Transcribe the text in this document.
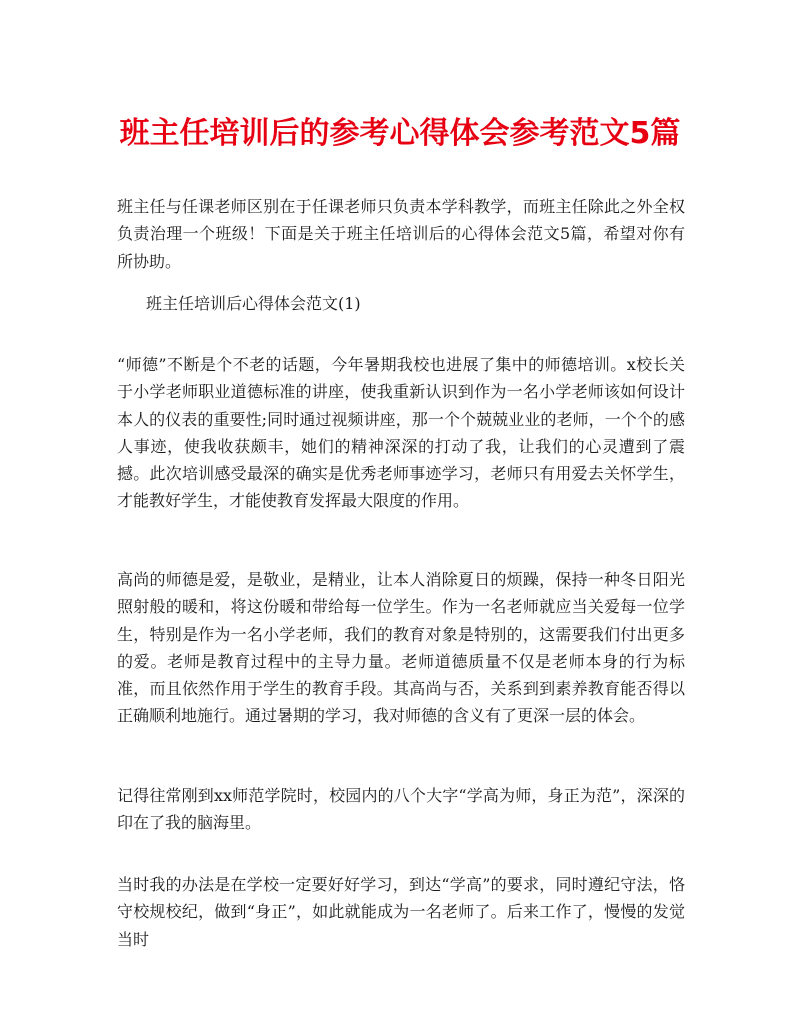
班主任培训后的参考心得体会参考范文5篇

班主任与任课老师区别在于任课老师只负责本学科教学，而班主任除此之外全权负责治理一个班级！下面是关于班主任培训后的心得体会范文5篇，希望对你有所协助。

班主任培训后心得体会范文(1)

“师德”不断是个不老的话题，今年暑期我校也进展了集中的师德培训。x校长关于小学老师职业道德标准的讲座，使我重新认识到作为一名小学老师该如何设计本人的仪表的重要性;同时通过视频讲座，那一个个兢兢业业的老师，一个个的感人事迹，使我收获颇丰，她们的精神深深的打动了我，让我们的心灵遭到了震撼。此次培训感受最深的确实是优秀老师事迹学习，老师只有用爱去关怀学生，才能教好学生，才能使教育发挥最大限度的作用。

高尚的师德是爱，是敬业，是精业，让本人消除夏日的烦躁，保持一种冬日阳光照射般的暖和，将这份暖和带给每一位学生。作为一名老师就应当关爱每一位学生，特别是作为一名小学老师，我们的教育对象是特别的，这需要我们付出更多的爱。老师是教育过程中的主导力量。老师道德质量不仅是老师本身的行为标准，而且依然作用于学生的教育手段。其高尚与否，关系到到素养教育能否得以正确顺利地施行。通过暑期的学习，我对师德的含义有了更深一层的体会。

记得往常刚到xx师范学院时，校园内的八个大字“学高为师，身正为范”，深深的印在了我的脑海里。

当时我的办法是在学校一定要好好学习，到达“学高”的要求，同时遵纪守法，恪守校规校纪，做到“身正”，如此就能成为一名老师了。后来工作了，慢慢的发觉当时
